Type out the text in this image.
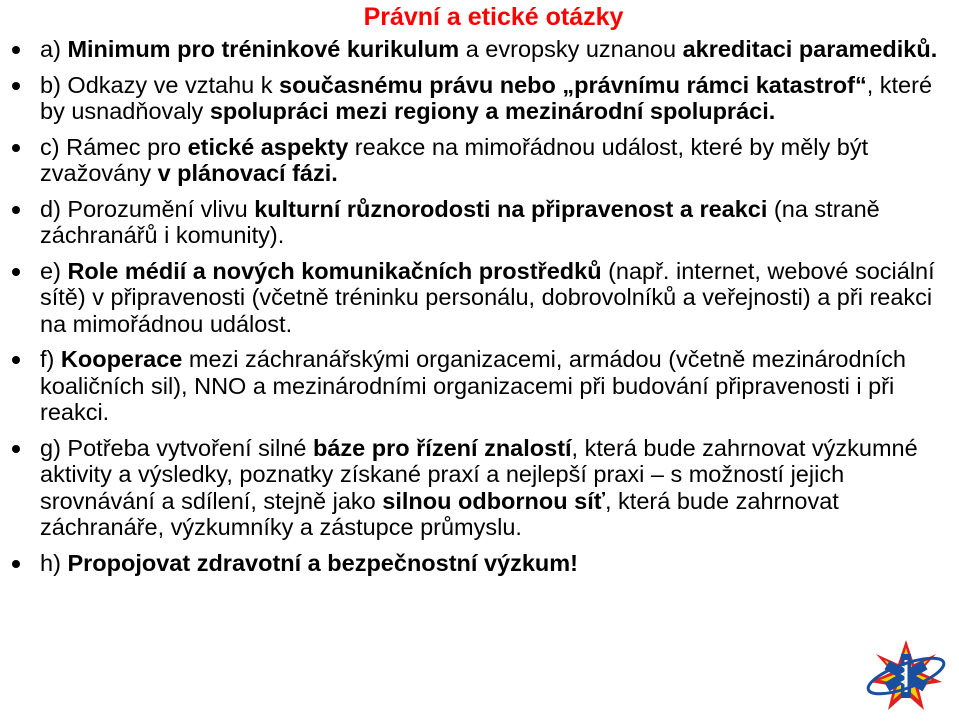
Právní a etické otázky
a) Minimum pro tréninkové kurikulum a evropsky uznanou akreditaci paramediků.
b) Odkazy ve vztahu k současnému právu nebo „právnímu rámci katastrof“, které by usnadňovaly spolupráci mezi regiony a mezinárodní spolupráci.
c) Rámec pro etické aspekty reakce na mimořádnou událost, které by měly být zvažovány v plánovací fázi.
d) Porozumění vlivu kulturní různorodosti na připravenost a reakci (na straně záchranářů i komunity).
e) Role médií a nových komunikačních prostředků (např. internet, webové sociální sítě) v připravenosti (včetně tréninku personálu, dobrovolníků a veřejnosti) a při reakci na mimořádnou událost.
f) Kooperace mezi záchranářskými organizacemi, armádou (včetně mezinárodních koaličních sil), NNO a mezinárodními organizacemi při budování připravenosti i při reakci.
g) Potřeba vytvoření silné báze pro řízení znalostí, která bude zahrnovat výzkumné aktivity a výsledky, poznatky získané praxí a nejlepší praxi – s možností jejich srovnávání a sdílení, stejně jako silnou odbornou síť, která bude zahrnovat záchranáře, výzkumníky a zástupce průmyslu.
h) Propojovat zdravotní a bezpečnostní výzkum!
